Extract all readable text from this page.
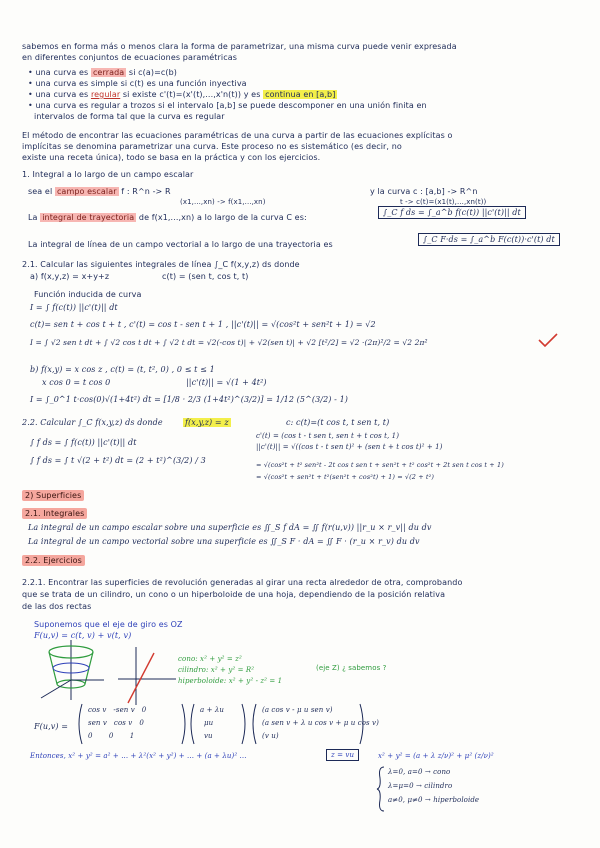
sabemos en forma más o menos clara la forma de parametrizar, una misma curva puede venir expresada
en diferentes conjuntos de ecuaciones paramétricas
• una curva es cerrada si c(a)=c(b)
• una curva es simple si c(t) es una función inyectiva
• una curva es regular si existe c'(t)=(x'(t),...,x'n(t)) y es continua en [a,b]
• una curva es regular a trozos si el intervalo [a,b] se puede descomponer en una unión finita en
intervalos de forma tal que la curva es regular
El método de encontrar las ecuaciones paramétricas de una curva a partir de las ecuaciones explícitas o
implícitas se denomina parametrizar una curva. Este proceso no es sistemático (es decir, no
existe una receta única), todo se basa en la práctica y con los ejercicios.
1. Integral a lo largo de un campo escalar
sea el campo escalar f : R^n -> R	y la curva c : [a,b] -> R^n
(x1,...,xn) -> f(x1,...,xn)	t -> c(t)=(x1(t),...,xn(t))
La integral de trayectoria de f(x1,...,xn) a lo largo de la curva C es:
∫_C f ds = ∫_a^b f(c(t)) ||c'(t)|| dt
La integral de línea de un campo vectorial a lo largo de una trayectoria es
∫_C F·ds = ∫_a^b F(c(t))·c'(t) dt
2.1. Calcular las siguientes integrales de línea ∫_C f(x,y,z) ds donde
a) f(x,y,z) = x+y+z	c(t) = (sen t, cos t, t)
Función inducida de curva
I = ∫ f(c(t)) ||c'(t)|| dt
c(t)= sen t + cos t + t , c'(t) = cos t - sen t + 1 , ||c'(t)|| = √(cos²t + sen²t + 1) = √2
I = ∫ √2 sen t dt + ∫ √2 cos t dt + ∫ √2 t dt = √2(-cos t)| + √2(sen t)| + √2 [t²/2] = √2 ·(2π)²/2 = √2 2π²
b) f(x,y) = x cos z , c(t) = (t, t², 0) , 0 ≤ t ≤ 1
x cos 0 = t cos 0	||c'(t)|| = √(1 + 4t²)
I = ∫_0^1 t·cos(0)√(1+4t²) dt = [1/8 · 2/3 (1+4t²)^(3/2)] = 1/12 (5^(3/2) - 1)
2.2. Calcular ∫_C f(x,y,z) ds donde	f(x,y,z) = z	c: c(t)=(t cos t, t sen t, t)
∫ f ds = ∫ f(c(t)) ||c'(t)|| dt
∫ f ds = ∫ t √(2 + t²) dt = (2 + t²)^(3/2) / 3
c'(t) = (cos t - t sen t, sen t + t cos t, 1)
||c'(t)|| = √((cos t - t sen t)² + (sen t + t cos t)² + 1)
= √(cos²t + t² sen²t - 2t cos t sen t + sen²t + t² cos²t + 2t sen t cos t + 1)
= √(cos²t + sen²t + t²(sen²t + cos²t) + 1) = √(2 + t²)
2) Superficies
2.1. Integrales
La integral de un campo escalar sobre una superficie es ∬_S f dA = ∬ f(r(u,v)) ||r_u × r_v|| du dv
La integral de un campo vectorial sobre una superficie es ∬_S F · dA = ∬ F · (r_u × r_v) du dv
2.2. Ejercicios
2.2.1. Encontrar las superficies de revolución generadas al girar una recta alrededor de otra, comprobando
que se trata de un cilindro, un cono o un hiperboloide de una hoja, dependiendo de la posición relativa
de las dos rectas
Suponemos que el eje de giro es OZ
F(u,v) = c(t, v) + v(t, v)
cono: x² + y² = z²
cilindro: x² + y² = R²
hiperboloide: x² + y² - z² = 1
(eje Z) ¿ sabemos ?
F(u,v) =
cos v -sen v 0
sen v cos v 0
0 0 1
a + λu
μu
vu
(a cos v - μ u sen v)
(a sen v + λ u cos v + μ u cos v)
(v u)
Entonces, x² + y² = a² + ... + λ²(x² + y²) + ... + (a + λu)² ...	z = vu	x² + y² = (a + λ z/ν)² + μ² (z/ν)²
λ=0, a=0 → cono
λ=μ=0 → cilindro
a≠0, μ≠0 → hiperboloide
